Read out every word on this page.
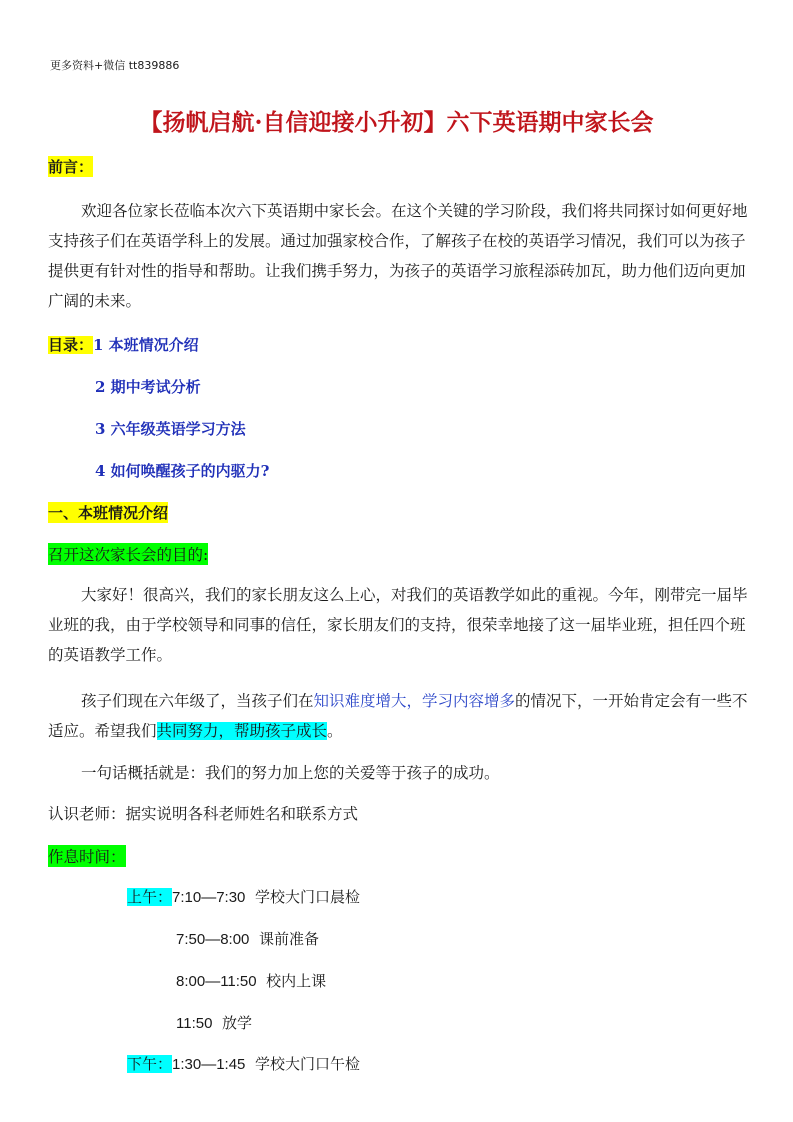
更多资料+微信 tt839886
【扬帆启航·自信迎接小升初】六下英语期中家长会
前言：
欢迎各位家长莅临本次六下英语期中家长会。在这个关键的学习阶段，我们将共同探讨如何更好地支持孩子们在英语学科上的发展。通过加强家校合作，了解孩子在校的英语学习情况，我们可以为孩子提供更有针对性的指导和帮助。让我们携手努力，为孩子的英语学习旅程添砖加瓦，助力他们迈向更加广阔的未来。
目录：1 本班情况介绍
2 期中考试分析
3 六年级英语学习方法
4 如何唤醒孩子的内驱力?
一、本班情况介绍
召开这次家长会的目的:
大家好！很高兴，我们的家长朋友这么上心，对我们的英语教学如此的重视。今年，刚带完一届毕业班的我，由于学校领导和同事的信任，家长朋友们的支持，很荣幸地接了这一届毕业班，担任四个班的英语教学工作。
孩子们现在六年级了，当孩子们在知识难度增大，学习内容增多的情况下，一开始肯定会有一些不适应。希望我们共同努力，帮助孩子成长。
一句话概括就是：我们的努力加上您的关爱等于孩子的成功。
认识老师：据实说明各科老师姓名和联系方式
作息时间：
上午：7:10—7:30 学校大门口晨检
7:50—8:00 课前准备
8:00—11:50 校内上课
11:50 放学
下午：1:30—1:45 学校大门口午检
